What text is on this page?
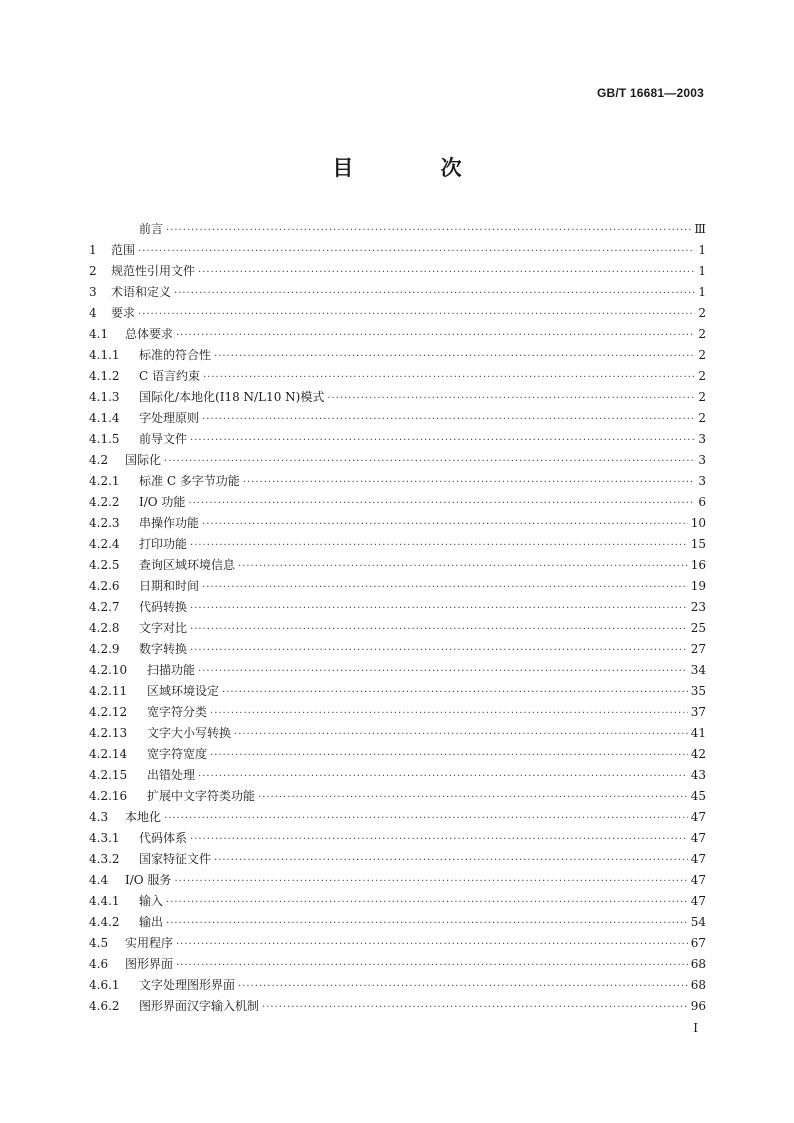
GB/T 16681—2003
目 次
前言 ·····	Ⅲ
1	范围 ·····	1
2	规范性引用文件 ·····	1
3	术语和定义 ·····	1
4	要求 ·····	2
4.1	总体要求 ·····	2
4.1.1	标准的符合性 ·····	2
4.1.2	C 语言约束 ·····	2
4.1.3	国际化/本地化(I18 N/L10 N)模式 ·····	2
4.1.4	字处理原则 ·····	2
4.1.5	前导文件 ·····	3
4.2	国际化 ·····	3
4.2.1	标准 C 多字节功能 ·····	3
4.2.2	I/O 功能 ·····	6
4.2.3	串操作功能 ·····	10
4.2.4	打印功能 ·····	15
4.2.5	查询区域环境信息 ·····	16
4.2.6	日期和时间 ·····	19
4.2.7	代码转换 ·····	23
4.2.8	文字对比 ·····	25
4.2.9	数字转换 ·····	27
4.2.10	扫描功能 ·····	34
4.2.11	区域环境设定 ·····	35
4.2.12	宽字符分类 ·····	37
4.2.13	文字大小写转换 ·····	41
4.2.14	宽字符宽度 ·····	42
4.2.15	出错处理 ·····	43
4.2.16	扩展中文字符类功能 ·····	45
4.3	本地化 ·····	47
4.3.1	代码体系 ·····	47
4.3.2	国家特征文件 ·····	47
4.4	I/O 服务 ·····	47
4.4.1	输入 ·····	47
4.4.2	输出 ·····	54
4.5	实用程序 ·····	67
4.6	图形界面 ·····	68
4.6.1	文字处理图形界面 ·····	68
4.6.2	图形界面汉字输入机制 ·····	96
I
